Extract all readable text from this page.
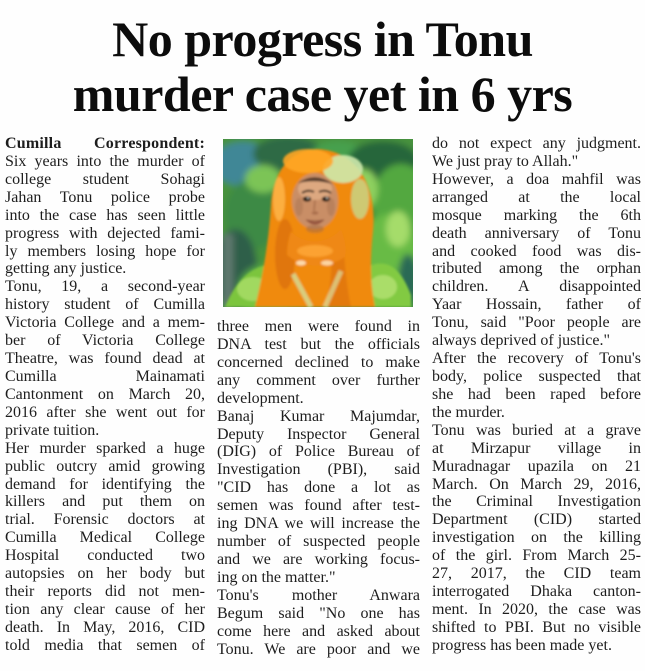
No progress in Tonu
murder case yet in 6 yrs
Cumilla Correspondent:
Six years into the murder of
college student Sohagi
Jahan Tonu police probe
into the case has seen little
progress with dejected fami-
ly members losing hope for
getting any justice.
Tonu, 19, a second-year
history student of Cumilla
Victoria College and a mem-
ber of Victoria College
Theatre, was found dead at
Cumilla Mainamati
Cantonment on March 20,
2016 after she went out for
private tuition.
Her murder sparked a huge
public outcry amid growing
demand for identifying the
killers and put them on
trial. Forensic doctors at
Cumilla Medical College
Hospital conducted two
autopsies on her body but
their reports did not men-
tion any clear cause of her
death. In May, 2016, CID
told media that semen of
three men were found in
DNA test but the officials
concerned declined to make
any comment over further
development.
Banaj Kumar Majumdar,
Deputy Inspector General
(DIG) of Police Bureau of
Investigation (PBI), said
"CID has done a lot as
semen was found after test-
ing DNA we will increase the
number of suspected people
and we are working focus-
ing on the matter."
Tonu's mother Anwara
Begum said "No one has
come here and asked about
Tonu. We are poor and we
do not expect any judgment.
We just pray to Allah."
However, a doa mahfil was
arranged at the local
mosque marking the 6th
death anniversary of Tonu
and cooked food was dis-
tributed among the orphan
children. A disappointed
Yaar Hossain, father of
Tonu, said "Poor people are
always deprived of justice."
After the recovery of Tonu's
body, police suspected that
she had been raped before
the murder.
Tonu was buried at a grave
at Mirzapur village in
Muradnagar upazila on 21
March. On March 29, 2016,
the Criminal Investigation
Department (CID) started
investigation on the killing
of the girl. From March 25-
27, 2017, the CID team
interrogated Dhaka canton-
ment. In 2020, the case was
shifted to PBI. But no visible
progress has been made yet.
